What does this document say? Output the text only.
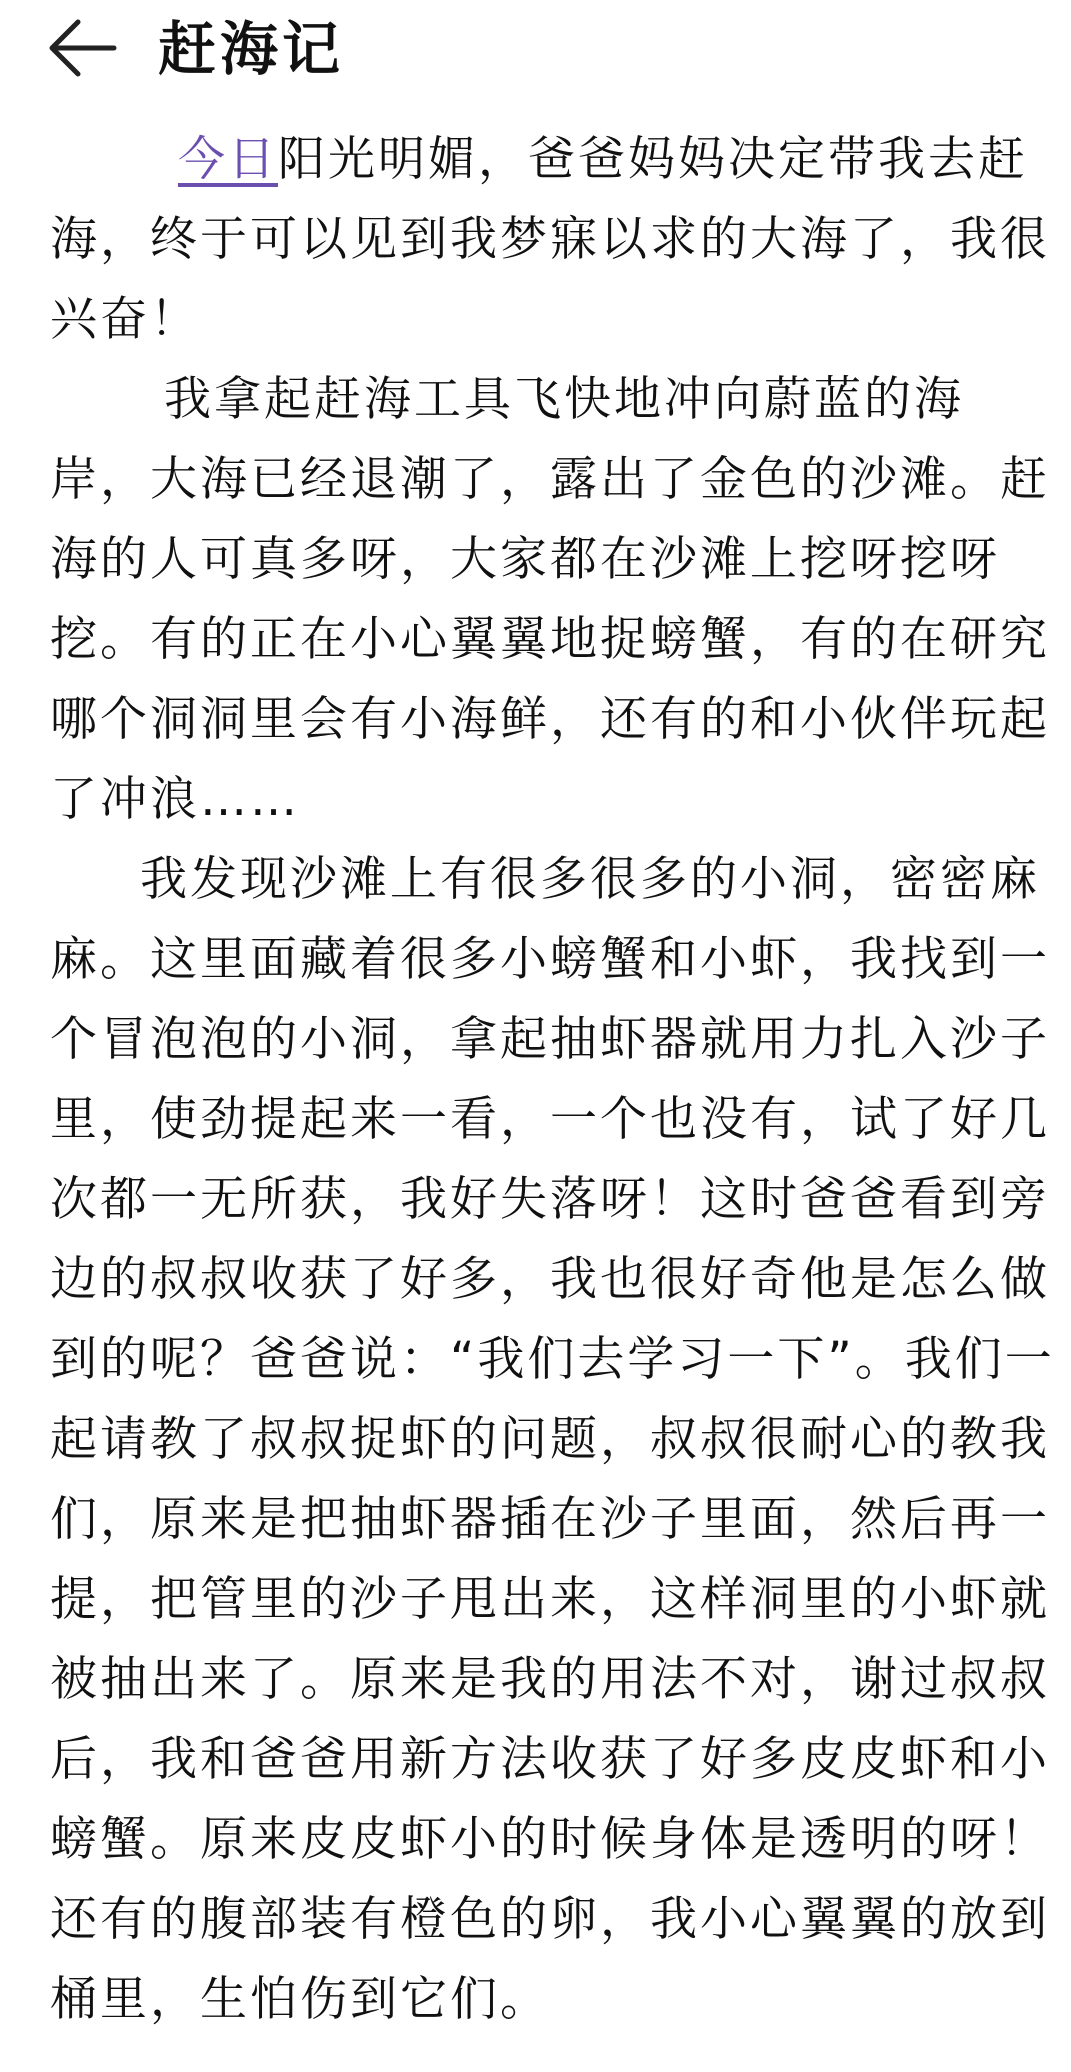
赶海记
今日阳光明媚，爸爸妈妈决定带我去赶
海，终于可以见到我梦寐以求的大海了，我很
兴奋！
我拿起赶海工具飞快地冲向蔚蓝的海
岸，大海已经退潮了，露出了金色的沙滩。赶
海的人可真多呀，大家都在沙滩上挖呀挖呀
挖。有的正在小心翼翼地捉螃蟹，有的在研究
哪个洞洞里会有小海鲜，还有的和小伙伴玩起
了冲浪……
我发现沙滩上有很多很多的小洞，密密麻
麻。这里面藏着很多小螃蟹和小虾，我找到一
个冒泡泡的小洞，拿起抽虾器就用力扎入沙子
里，使劲提起来一看，一个也没有，试了好几
次都一无所获，我好失落呀！这时爸爸看到旁
边的叔叔收获了好多，我也很好奇他是怎么做
到的呢？爸爸说：“我们去学习一下”。我们一
起请教了叔叔捉虾的问题，叔叔很耐心的教我
们，原来是把抽虾器插在沙子里面，然后再一
提，把管里的沙子甩出来，这样洞里的小虾就
被抽出来了。原来是我的用法不对，谢过叔叔
后，我和爸爸用新方法收获了好多皮皮虾和小
螃蟹。原来皮皮虾小的时候身体是透明的呀！
还有的腹部装有橙色的卵，我小心翼翼的放到
桶里，生怕伤到它们。
